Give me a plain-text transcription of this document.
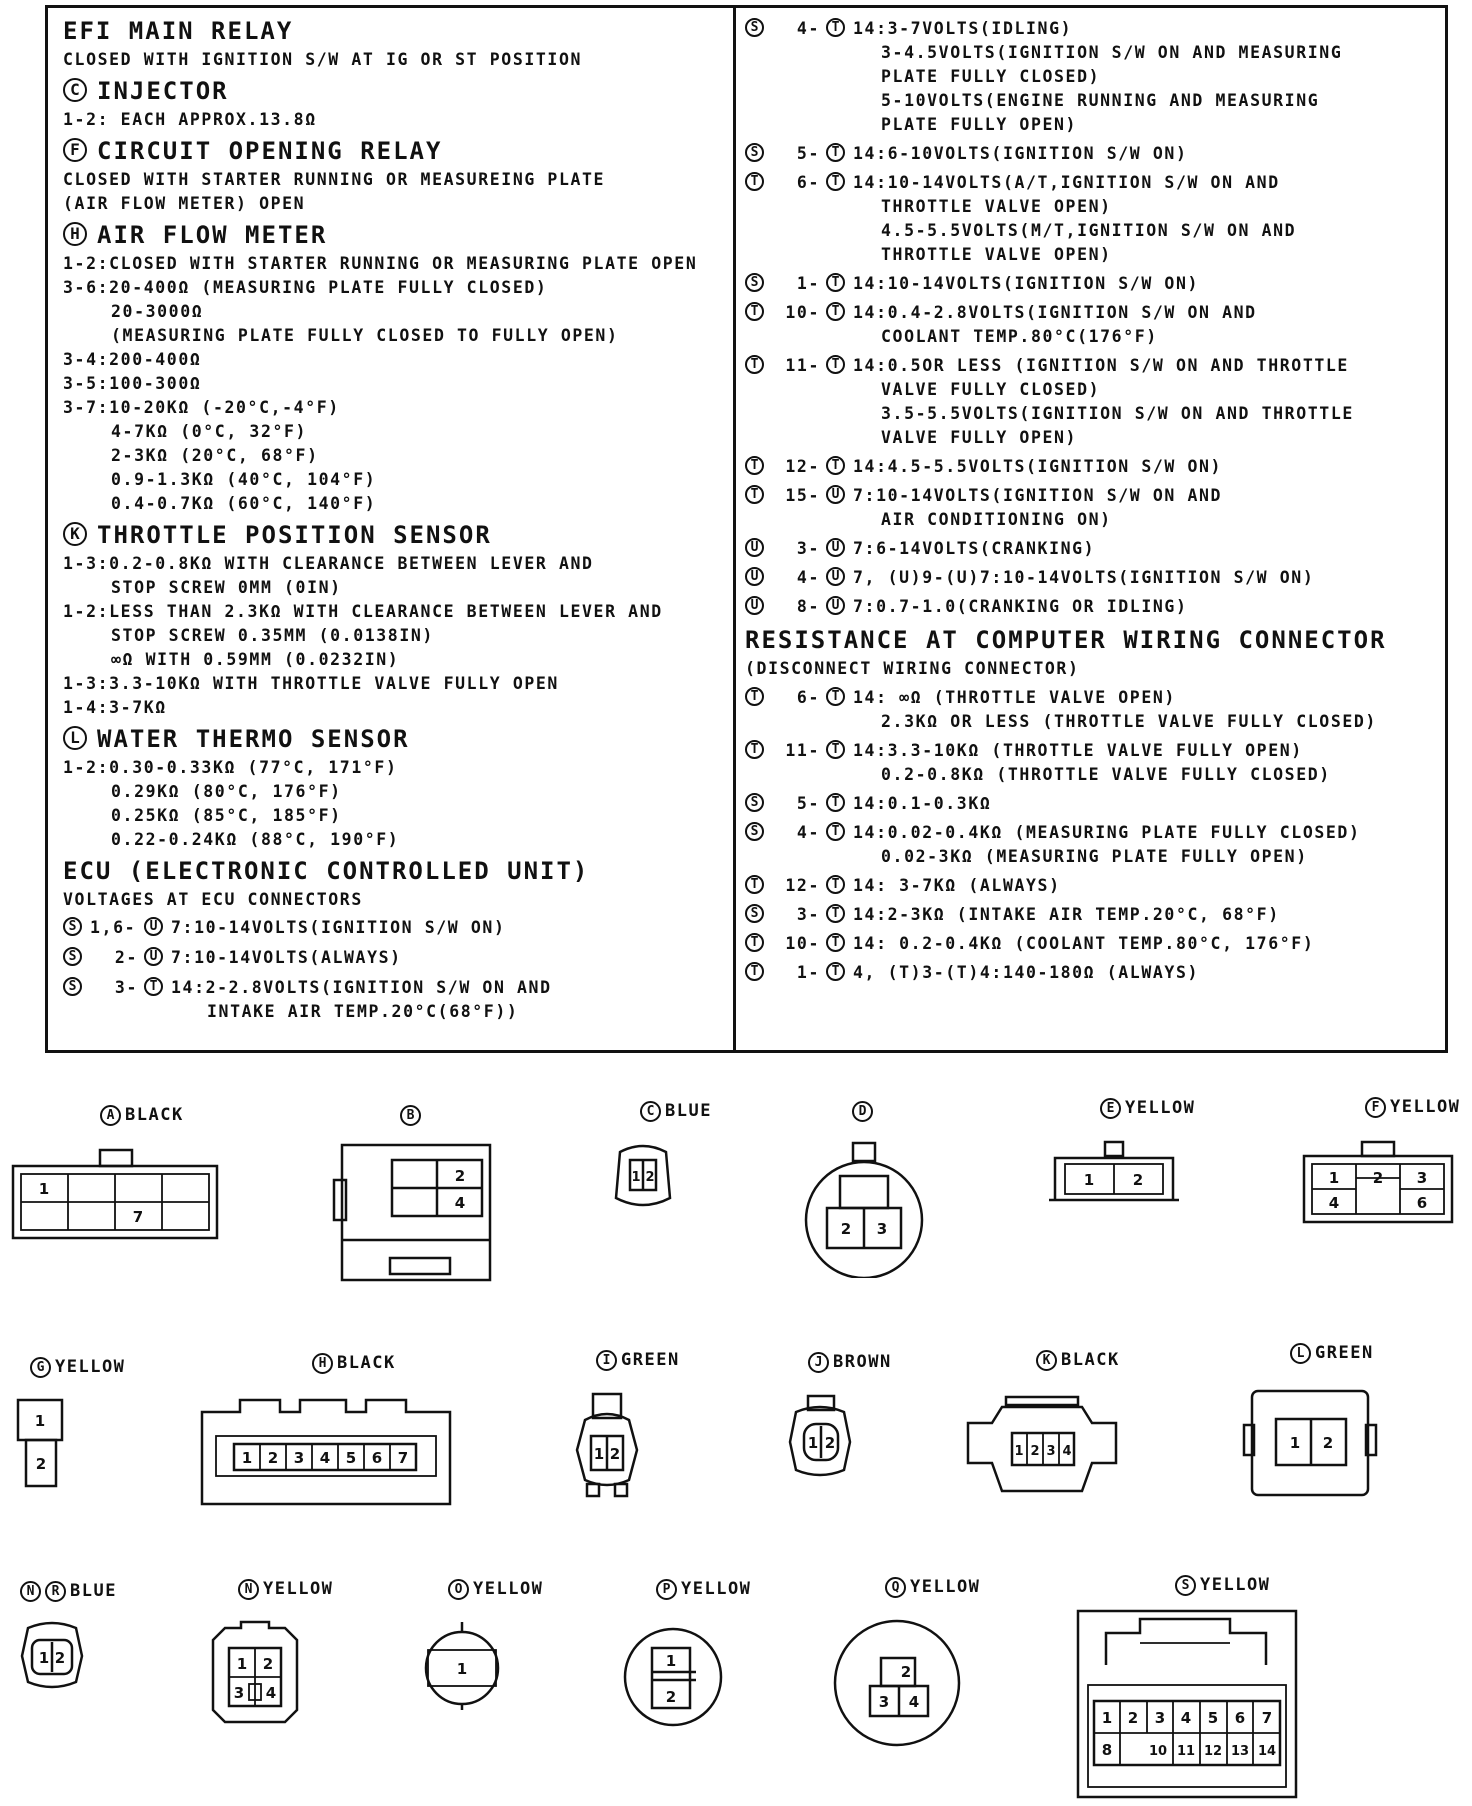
EFI MAIN RELAY
CLOSED WITH IGNITION S/W AT IG OR ST POSITION
C INJECTOR
1-2: EACH APPROX.13.8Ω
F CIRCUIT OPENING RELAY
CLOSED WITH STARTER RUNNING OR MEASUREING PLATE
(AIR FLOW METER) OPEN
H AIR FLOW METER
1-2:CLOSED WITH STARTER RUNNING OR MEASURING PLATE OPEN
3-6:20-400Ω (MEASURING PLATE FULLY CLOSED)
20-3000Ω
(MEASURING PLATE FULLY CLOSED TO FULLY OPEN)
3-4:200-400Ω
3-5:100-300Ω
3-7:10-20KΩ (-20°C,-4°F)
4-7KΩ (0°C, 32°F)
2-3KΩ (20°C, 68°F)
0.9-1.3KΩ (40°C, 104°F)
0.4-0.7KΩ (60°C, 140°F)
K THROTTLE POSITION SENSOR
1-3:0.2-0.8KΩ WITH CLEARANCE BETWEEN LEVER AND
STOP SCREW 0MM (0IN)
1-2:LESS THAN 2.3KΩ WITH CLEARANCE BETWEEN LEVER AND
STOP SCREW 0.35MM (0.0138IN)
∞Ω WITH 0.59MM (0.0232IN)
1-3:3.3-10KΩ WITH THROTTLE VALVE FULLY OPEN
1-4:3-7KΩ
L WATER THERMO SENSOR
1-2:0.30-0.33KΩ (77°C, 171°F)
0.29KΩ (80°C, 176°F)
0.25KΩ (85°C, 185°F)
0.22-0.24KΩ (88°C, 190°F)
ECU (ELECTRONIC CONTROLLED UNIT)
VOLTAGES AT ECU CONNECTORS
S 1,6-	U 7:10-14VOLTS(IGNITION S/W ON)
S	2- U 7:10-14VOLTS(ALWAYS)
S	3- T 14:2-2.8VOLTS(IGNITION S/W ON AND
INTAKE AIR TEMP.20°C(68°F))
S	4- T 14:3-7VOLTS(IDLING)
3-4.5VOLTS(IGNITION S/W ON AND MEASURING
PLATE FULLY CLOSED)
5-10VOLTS(ENGINE RUNNING AND MEASURING
PLATE FULLY OPEN)
S	5- T 14:6-10VOLTS(IGNITION S/W ON)
T	6- T 14:10-14VOLTS(A/T,IGNITION S/W ON AND
THROTTLE VALVE OPEN)
4.5-5.5VOLTS(M/T,IGNITION S/W ON AND
THROTTLE VALVE OPEN)
S	1- T 14:10-14VOLTS(IGNITION S/W ON)
T	10- T 14:0.4-2.8VOLTS(IGNITION S/W ON AND
COOLANT TEMP.80°C(176°F)
T	11- T 14:0.5OR LESS (IGNITION S/W ON AND THROTTLE
VALVE FULLY CLOSED)
3.5-5.5VOLTS(IGNITION S/W ON AND THROTTLE
VALVE FULLY OPEN)
T	12- T 14:4.5-5.5VOLTS(IGNITION S/W ON)
T	15- U 7:10-14VOLTS(IGNITION S/W ON AND
AIR CONDITIONING ON)
U	3- U 7:6-14VOLTS(CRANKING)
U	4- U 7, (U)9-(U)7:10-14VOLTS(IGNITION S/W ON)
U	8- U 7:0.7-1.0(CRANKING OR IDLING)
RESISTANCE AT COMPUTER WIRING CONNECTOR
(DISCONNECT WIRING CONNECTOR)
T	6- T 14: ∞Ω (THROTTLE VALVE OPEN)
2.3KΩ OR LESS (THROTTLE VALVE FULLY CLOSED)
T	11- T 14:3.3-10KΩ (THROTTLE VALVE FULLY OPEN)
0.2-0.8KΩ (THROTTLE VALVE FULLY CLOSED)
S	5- T 14:0.1-0.3KΩ
S	4- T 14:0.02-0.4KΩ (MEASURING PLATE FULLY CLOSED)
0.02-3KΩ (MEASURING PLATE FULLY OPEN)
T	12- T 14: 3-7KΩ (ALWAYS)
S	3- T 14:2-3KΩ (INTAKE AIR TEMP.20°C, 68°F)
T	10- T 14: 0.2-0.4KΩ (COOLANT TEMP.80°C, 176°F)
T	1- T 4, (T)3-(T)4:140-180Ω (ALWAYS)
A BLACK
1
7
B
2
4
C BLUE
1 2
D
2 3
E YELLOW
1	2
F YELLOW
1 2 3
4	6
G YELLOW
1
2
H BLACK
1 2 3 4 5 6 7
I GREEN
1 2
J BROWN
1 2
K BLACK
1 2 3 4
L GREEN
1 2
N	R BLUE
1 2
N YELLOW
1 2
3 4
O YELLOW
1
P YELLOW
1
2
Q YELLOW
2
3 4
S YELLOW
1 2 3 4 5 6 7
8	10 11 12 13 14
